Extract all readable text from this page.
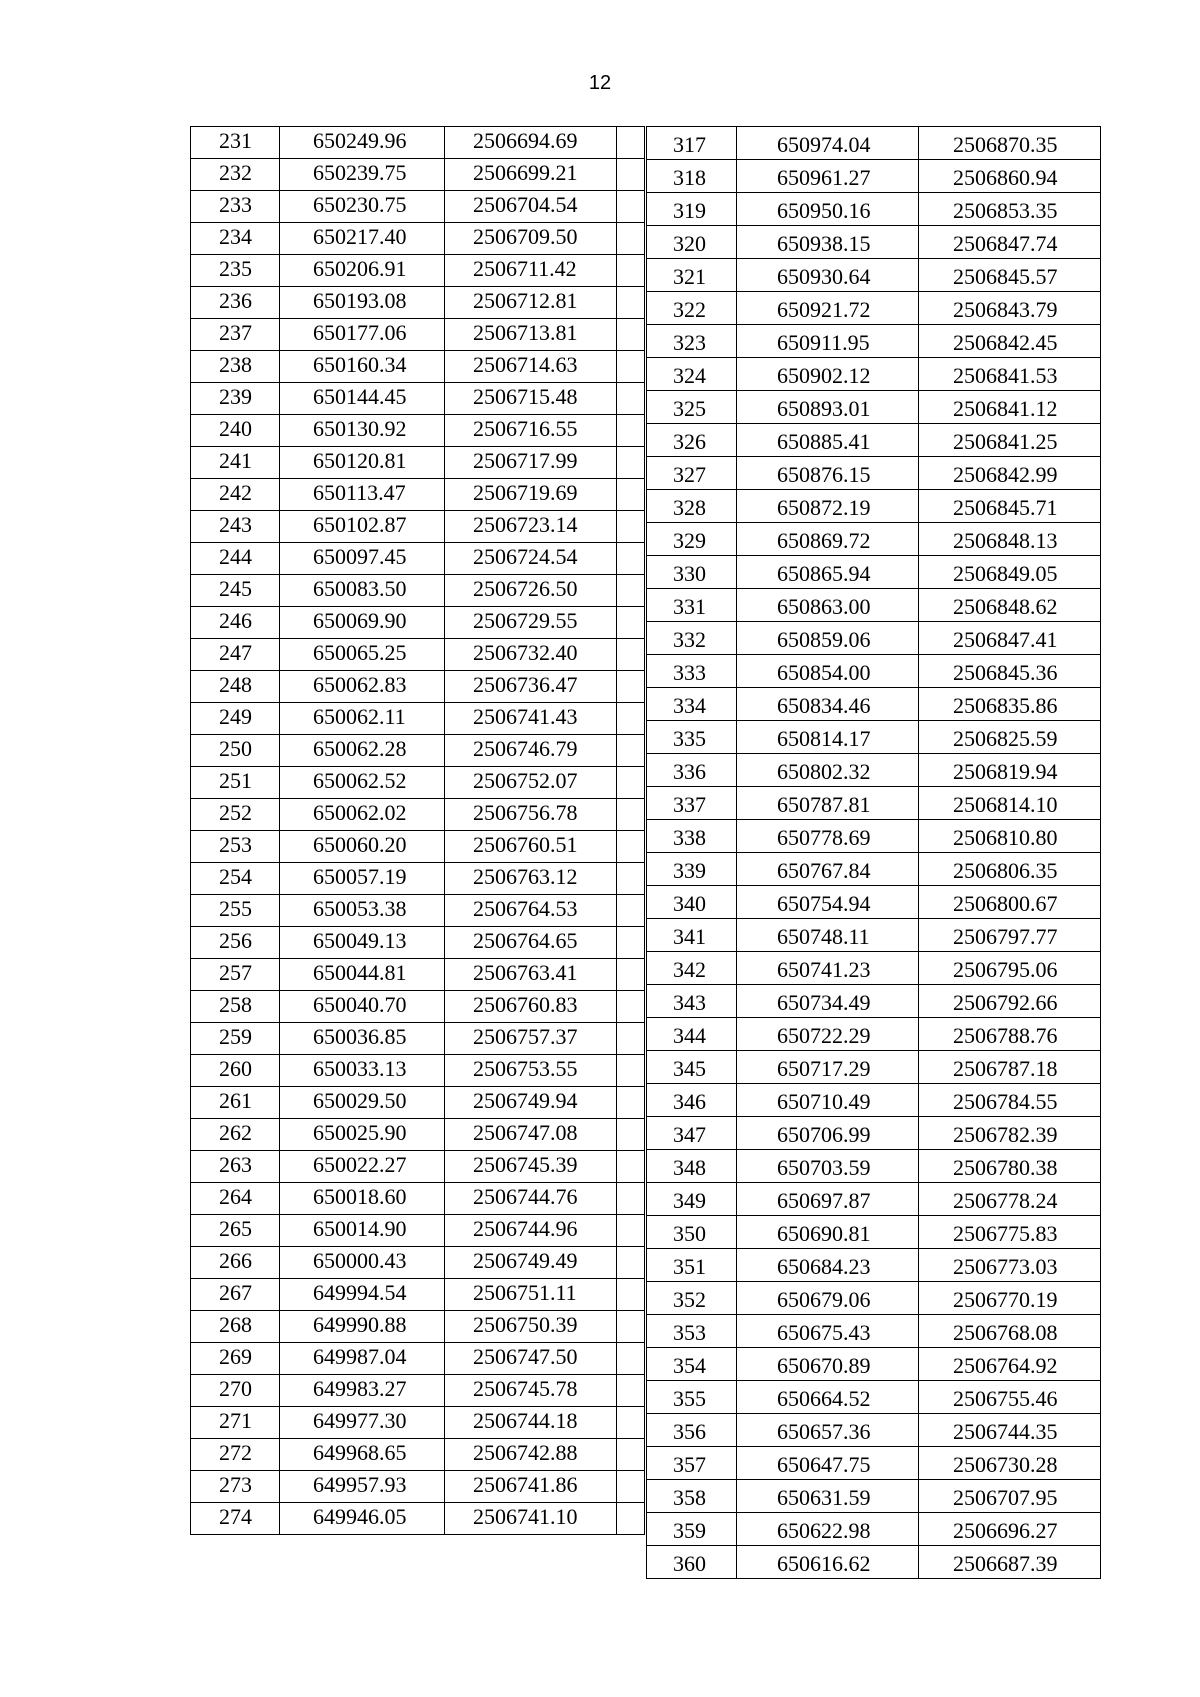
12
231	650249.96	2506694.69	
232	650239.75	2506699.21	
233	650230.75	2506704.54	
234	650217.40	2506709.50	
235	650206.91	2506711.42	
236	650193.08	2506712.81	
237	650177.06	2506713.81	
238	650160.34	2506714.63	
239	650144.45	2506715.48	
240	650130.92	2506716.55	
241	650120.81	2506717.99	
242	650113.47	2506719.69	
243	650102.87	2506723.14	
244	650097.45	2506724.54	
245	650083.50	2506726.50	
246	650069.90	2506729.55	
247	650065.25	2506732.40	
248	650062.83	2506736.47	
249	650062.11	2506741.43	
250	650062.28	2506746.79	
251	650062.52	2506752.07	
252	650062.02	2506756.78	
253	650060.20	2506760.51	
254	650057.19	2506763.12	
255	650053.38	2506764.53	
256	650049.13	2506764.65	
257	650044.81	2506763.41	
258	650040.70	2506760.83	
259	650036.85	2506757.37	
260	650033.13	2506753.55	
261	650029.50	2506749.94	
262	650025.90	2506747.08	
263	650022.27	2506745.39	
264	650018.60	2506744.76	
265	650014.90	2506744.96	
266	650000.43	2506749.49	
267	649994.54	2506751.11	
268	649990.88	2506750.39	
269	649987.04	2506747.50	
270	649983.27	2506745.78	
271	649977.30	2506744.18	
272	649968.65	2506742.88	
273	649957.93	2506741.86	
274	649946.05	2506741.10	
317	650974.04	2506870.35
318	650961.27	2506860.94
319	650950.16	2506853.35
320	650938.15	2506847.74
321	650930.64	2506845.57
322	650921.72	2506843.79
323	650911.95	2506842.45
324	650902.12	2506841.53
325	650893.01	2506841.12
326	650885.41	2506841.25
327	650876.15	2506842.99
328	650872.19	2506845.71
329	650869.72	2506848.13
330	650865.94	2506849.05
331	650863.00	2506848.62
332	650859.06	2506847.41
333	650854.00	2506845.36
334	650834.46	2506835.86
335	650814.17	2506825.59
336	650802.32	2506819.94
337	650787.81	2506814.10
338	650778.69	2506810.80
339	650767.84	2506806.35
340	650754.94	2506800.67
341	650748.11	2506797.77
342	650741.23	2506795.06
343	650734.49	2506792.66
344	650722.29	2506788.76
345	650717.29	2506787.18
346	650710.49	2506784.55
347	650706.99	2506782.39
348	650703.59	2506780.38
349	650697.87	2506778.24
350	650690.81	2506775.83
351	650684.23	2506773.03
352	650679.06	2506770.19
353	650675.43	2506768.08
354	650670.89	2506764.92
355	650664.52	2506755.46
356	650657.36	2506744.35
357	650647.75	2506730.28
358	650631.59	2506707.95
359	650622.98	2506696.27
360	650616.62	2506687.39
